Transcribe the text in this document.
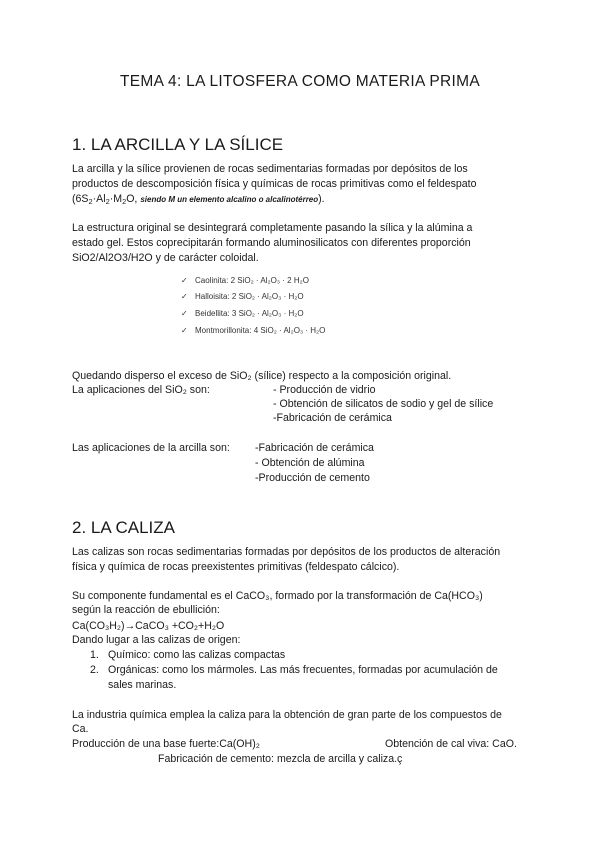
TEMA 4: LA LITOSFERA COMO MATERIA PRIMA
1. LA ARCILLA Y LA SÍLICE
La arcilla y la sílice provienen de rocas sedimentarias formadas por depósitos de los
productos de descomposición física y químicas de rocas primitivas como el feldespato
($6S_2\cdot Al_2\cdot M_2O$, siendo M un elemento alcalino o alcalinotérreo).
La estructura original se desintegrará completamente pasando la sílica y la alúmina a
estado gel. Estos coprecipitarán formando aluminosilicatos con diferentes proporción
SiO2/Al2O3/H2O y de carácter coloidal.
✓ Caolinita: 2 SiO₂ · Al₂O₃ · 2 H₂O
✓ Halloisita: 2 SiO₂ · Al₂O₃ · H₂O
✓ Beidellita: 3 SiO₂ · Al₂O₃ · H₂O
✓ Montmorillonita: 4 SiO₂ · Al₂O₃ · H₂O
Quedando disperso el exceso de SiO₂ (sílice) respecto a la composición original.
La aplicaciones del SiO₂ son:	- Producción de vidrio
- Obtención de silicatos de sodio y gel de sílice
-Fabricación de cerámica
Las aplicaciones de la arcilla son: -Fabricación de cerámica
- Obtención de alúmina
-Producción de cemento
2. LA CALIZA
Las calizas son rocas sedimentarias formadas por depósitos de los productos de alteración
física y química de rocas preexistentes primitivas (feldespato cálcico).
Su componente fundamental es el CaCO₃, formado por la transformación de Ca(HCO₃)
según la reacción de ebullición:
Ca(CO₃H₂)→CaCO₃ +CO₂+H₂O
Dando lugar a las calizas de origen:
1. Químico: como las calizas compactas
2. Orgánicas: como los mármoles. Las más frecuentes, formadas por acumulación de
sales marinas.
La industria química emplea la caliza para la obtención de gran parte de los compuestos de
Ca.
Producción de una base fuerte:Ca(OH)₂	Obtención de cal viva: CaO.
Fabricación de cemento: mezcla de arcilla y caliza.ç
